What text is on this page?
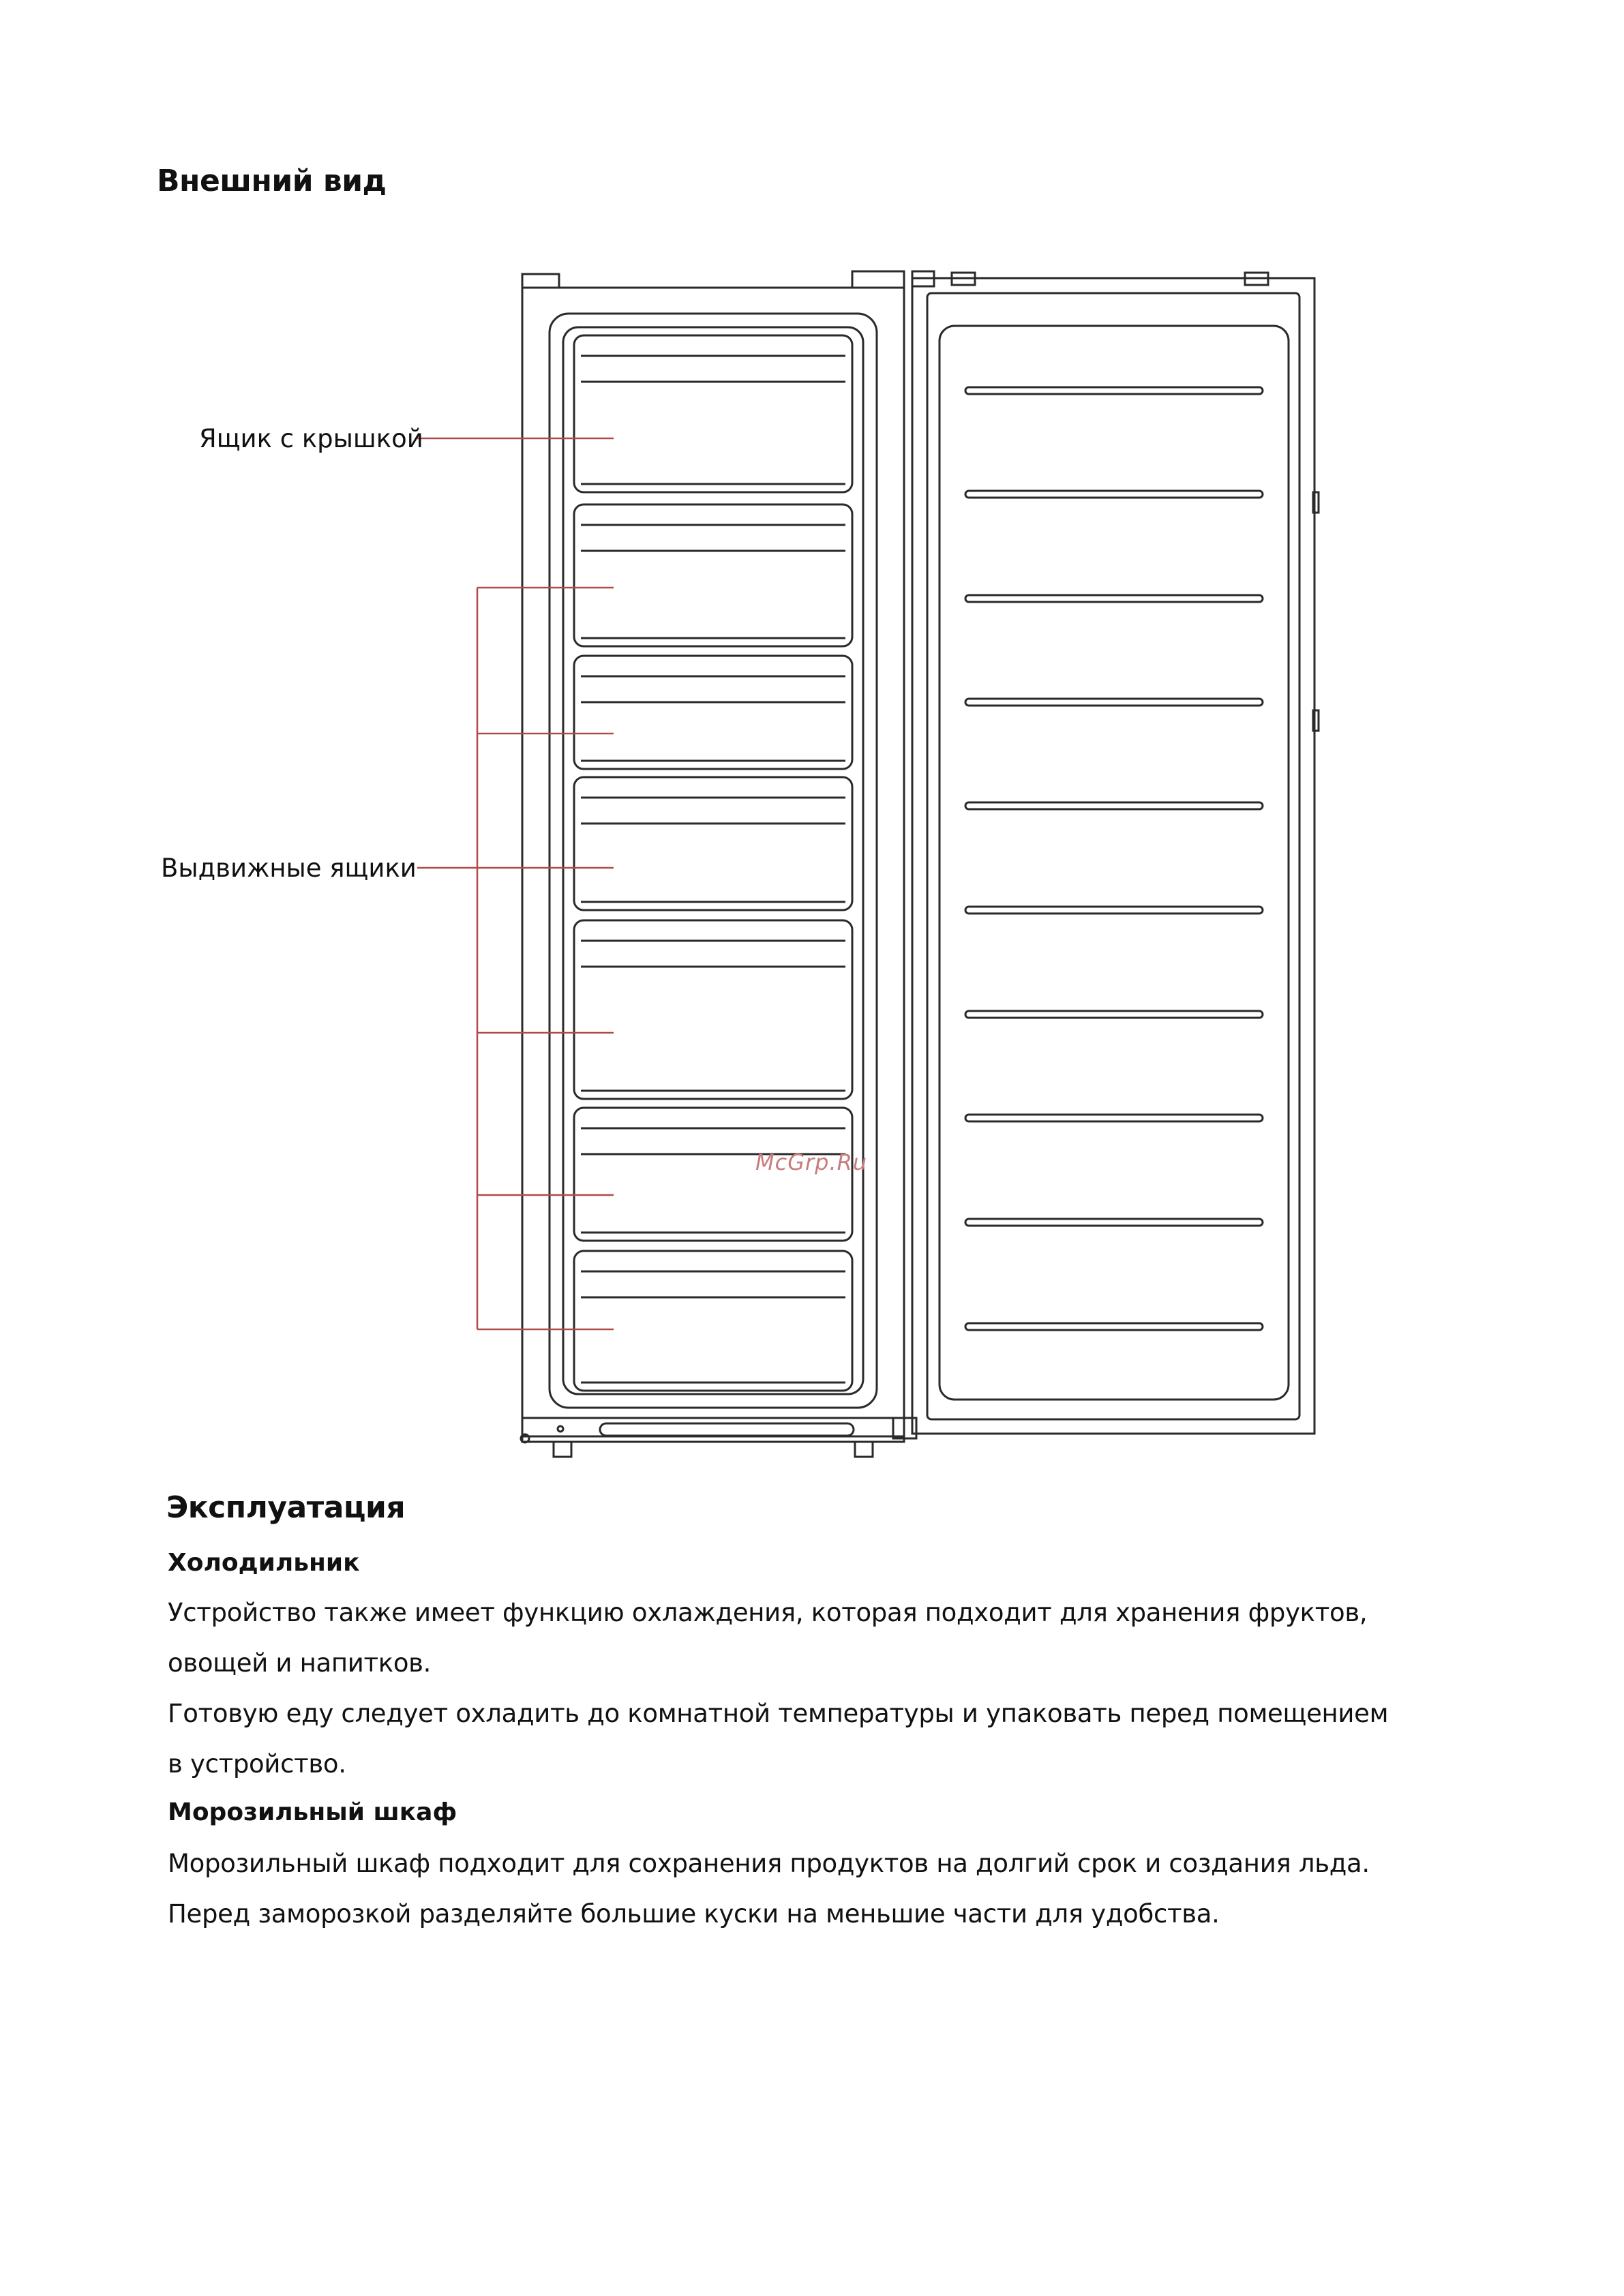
Внешний вид
Ящик с крышкой
Выдвижные ящики
McGrp.Ru
Эксплуатация
Холодильник
Устройство также имеет функцию охлаждения, которая подходит для хранения фруктов,
овощей и напитков.
Готовую еду следует охладить до комнатной температуры и упаковать перед помещением
в устройство.
Морозильный шкаф
Морозильный шкаф подходит для сохранения продуктов на долгий срок и создания льда.
Перед заморозкой разделяйте большие куски на меньшие части для удобства.
